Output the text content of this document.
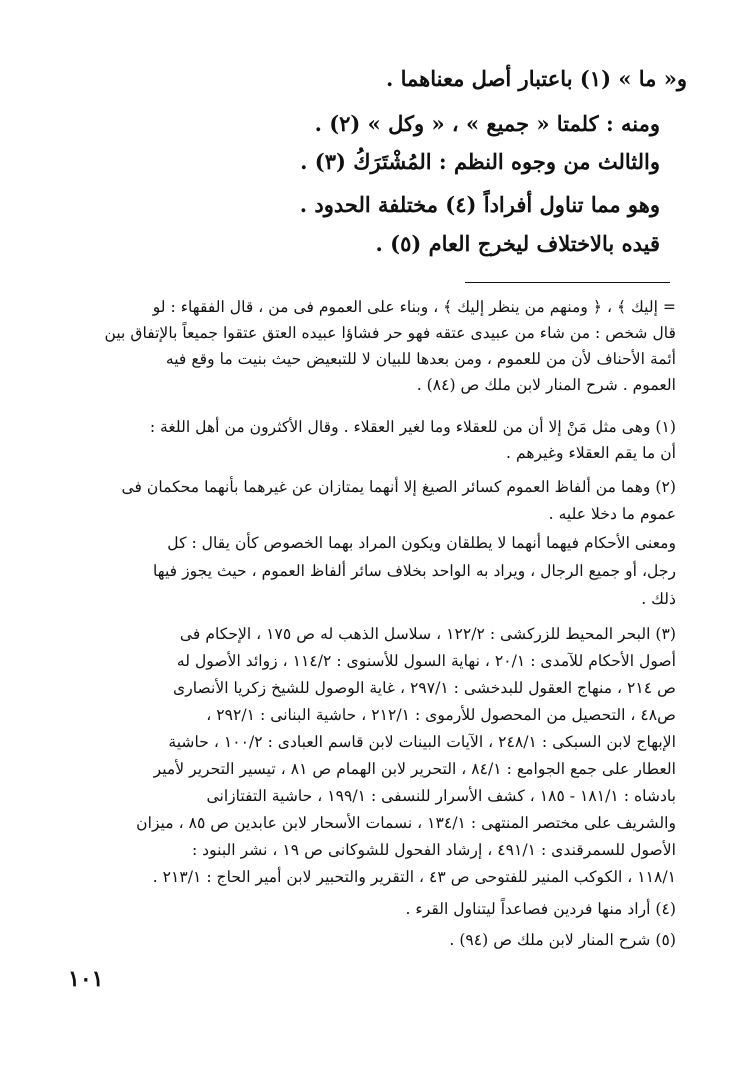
و« ما » (١) باعتبار أصل معناهما .
ومنه : كلمتا « جميع » ، « وكل » (٢) .
والثالث من وجوه النظم : المُشْتَرَكُ (٣) .
وهو مما تناول أفراداً (٤) مختلفة الحدود .
قيده بالاختلاف ليخرج العام (٥) .
= إليك ﴾ ، ﴿ ومنهم من ينظر إليك ﴾ ، وبناء على العموم فى من ، قال الفقهاء : لو
قال شخص : من شاء من عبيدى عتقه فهو حر فشاؤا عبيده العتق عتقوا جميعاً بالإتفاق بين
أئمة الأحناف لأن من للعموم ، ومن بعدها للبيان لا للتبعيض حيث بنيت ما وقع فيه
العموم . شرح المنار لابن ملك ص (٨٤) .
(١) وهى مثل مَنْ إلا أن من للعقلاء وما لغير العقلاء . وقال الأكثرون من أهل اللغة :
أن ما يقم العقلاء وغيرهم .
(٢) وهما من ألفاظ العموم كسائر الصيغ إلا أنهما يمتازان عن غيرهما بأنهما محكمان فى
عموم ما دخلا عليه .
ومعنى الأحكام فيهما أنهما لا يطلقان ويكون المراد بهما الخصوص كأن يقال : كل
رجل، أو جميع الرجال ، ويراد به الواحد بخلاف سائر ألفاظ العموم ، حيث يجوز فيها
ذلك .
(٣) البحر المحيط للزركشى : ١٢٢/٢ ، سلاسل الذهب له ص ١٧٥ ، الإحكام فى
أصول الأحكام للآمدى : ٢٠/١ ، نهاية السول للأسنوى : ١١٤/٢ ، زوائد الأصول له
ص ٢١٤ ، منهاج العقول للبدخشى : ٢٩٧/١ ، غاية الوصول للشيخ زكريا الأنصارى
ص٤٨ ، التحصيل من المحصول للأرموى : ٢١٢/١ ، حاشية البنانى : ٢٩٢/١ ،
الإبهاج لابن السبكى : ٢٤٨/١ ، الآيات البينات لابن قاسم العبادى : ١٠٠/٢ ، حاشية
العطار على جمع الجوامع : ٨٤/١ ، التحرير لابن الهمام ص ٨١ ، تيسير التحرير لأمير
بادشاه : ١٨١/١ - ١٨٥ ، كشف الأسرار للنسفى : ١٩٩/١ ، حاشية التفتازانى
والشريف على مختصر المنتهى : ١٣٤/١ ، نسمات الأسحار لابن عابدين ص ٨٥ ، ميزان
الأصول للسمرقندى : ٤٩١/١ ، إرشاد الفحول للشوكانى ص ١٩ ، نشر البنود :
١١٨/١ ، الكوكب المنير للفتوحى ص ٤٣ ، التقرير والتحبير لابن أمير الحاج : ٢١٣/١ .
(٤) أراد منها فردين فصاعداً ليتناول القرء .
(٥) شرح المنار لابن ملك ص (٩٤) .
١٠١
